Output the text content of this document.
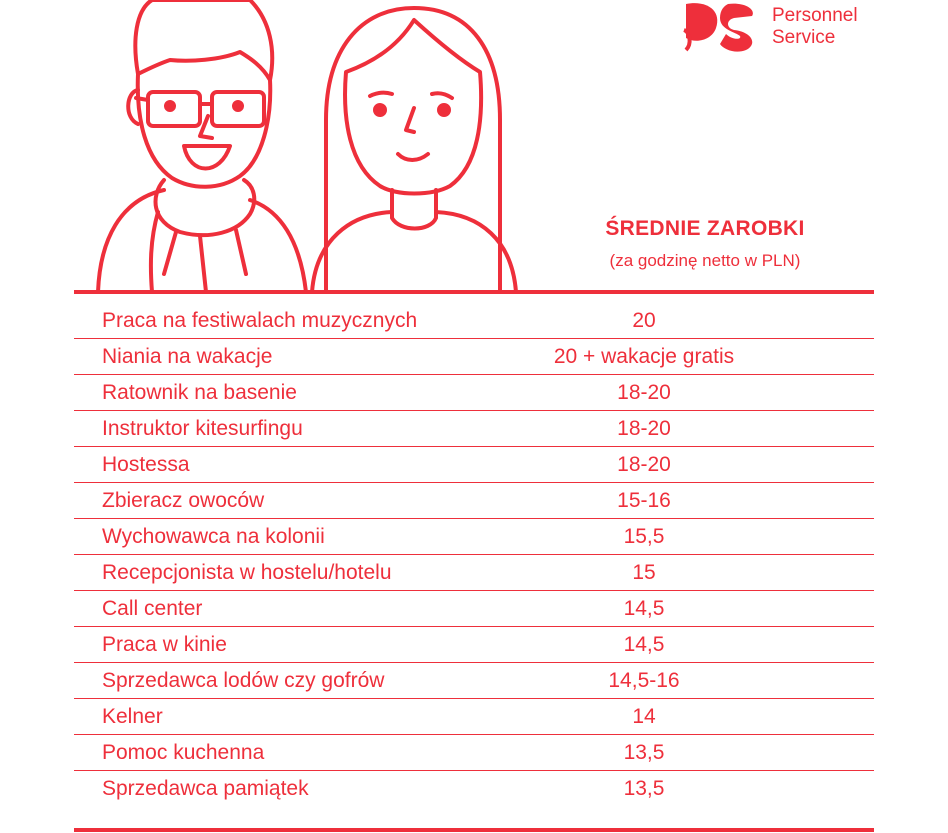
Personnel
Service
ŚREDNIE ZAROBKI
(za godzinę netto w PLN)
Praca na festiwalach muzycznych	20
Niania na wakacje	20 + wakacje gratis
Ratownik na basenie	18-20
Instruktor kitesurfingu	18-20
Hostessa	18-20
Zbieracz owoców	15-16
Wychowawca na kolonii	15,5
Recepcjonista w hostelu/hotelu	15
Call center	14,5
Praca w kinie	14,5
Sprzedawca lodów czy gofrów	14,5-16
Kelner	14
Pomoc kuchenna	13,5
Sprzedawca pamiątek	13,5
